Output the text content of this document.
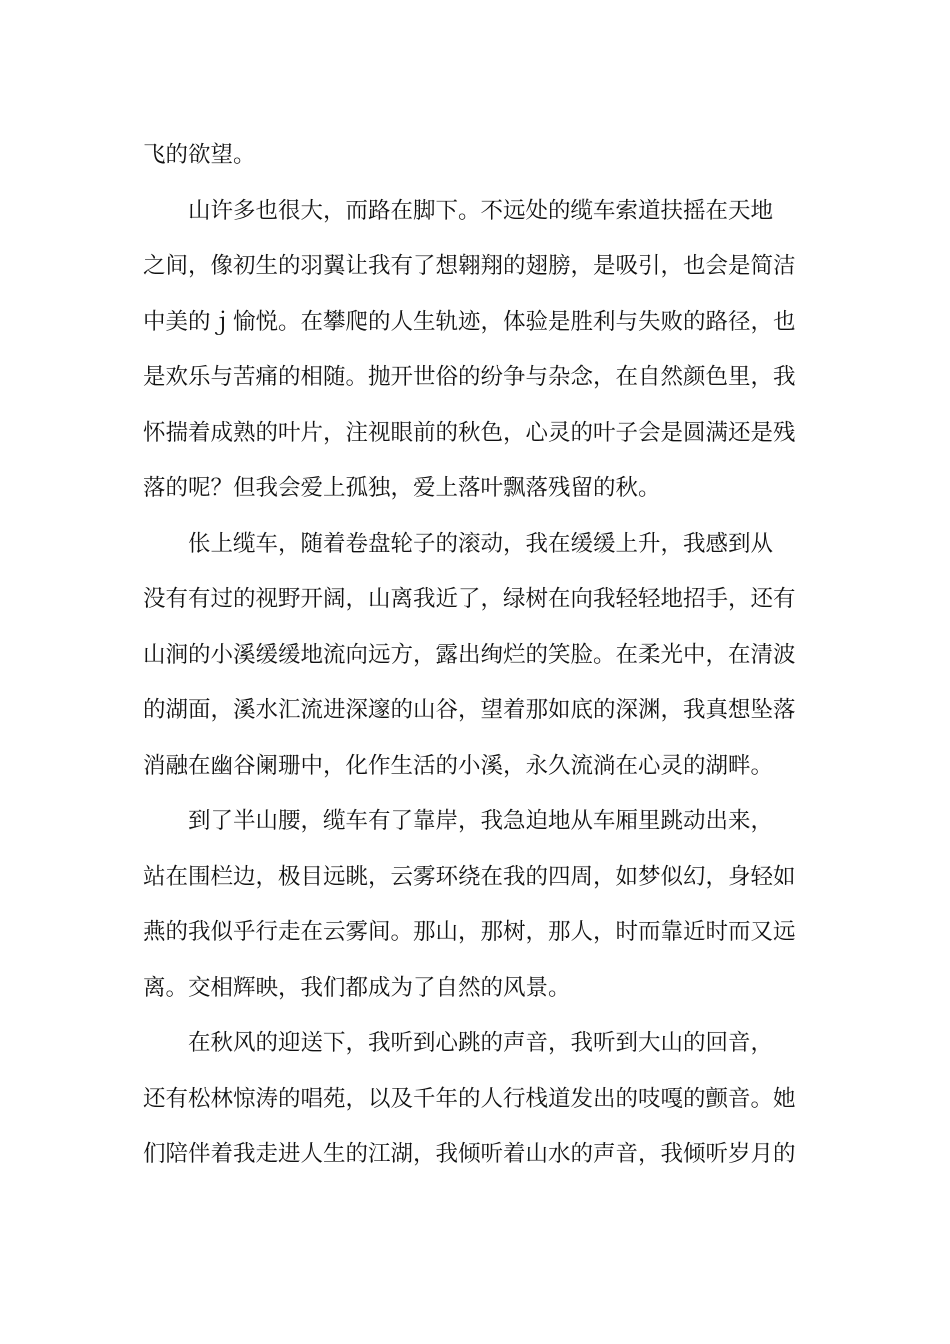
飞的欲望。

山许多也很大，而路在脚下。不远处的缆车索道扶摇在天地
之间，像初生的羽翼让我有了想翱翔的翅膀，是吸引，也会是简洁
中美的ｊ愉悦。在攀爬的人生轨迹，体验是胜利与失败的路径，也
是欢乐与苦痛的相随。抛开世俗的纷争与杂念，在自然颜色里，我
怀揣着成熟的叶片，注视眼前的秋色，心灵的叶子会是圆满还是残
落的呢？但我会爱上孤独，爱上落叶飘落残留的秋。

伥上缆车，随着卷盘轮子的滚动，我在缓缓上升，我感到从
没有有过的视野开阔，山离我近了，绿树在向我轻轻地招手，还有
山涧的小溪缓缓地流向远方，露出绚烂的笑脸。在柔光中，在清波
的湖面，溪水汇流进深邃的山谷，望着那如底的深渊，我真想坠落
消融在幽谷阑珊中，化作生活的小溪，永久流淌在心灵的湖畔。

到了半山腰，缆车有了靠岸，我急迫地从车厢里跳动出来，
站在围栏边，极目远眺，云雾环绕在我的四周，如梦似幻，身轻如
燕的我似乎行走在云雾间。那山，那树，那人，时而靠近时而又远
离。交相辉映，我们都成为了自然的风景。

在秋风的迎送下，我听到心跳的声音，我听到大山的回音，
还有松林惊涛的唱苑，以及千年的人行栈道发出的吱嘎的颤音。她
们陪伴着我走进人生的江湖，我倾听着山水的声音，我倾听岁月的
